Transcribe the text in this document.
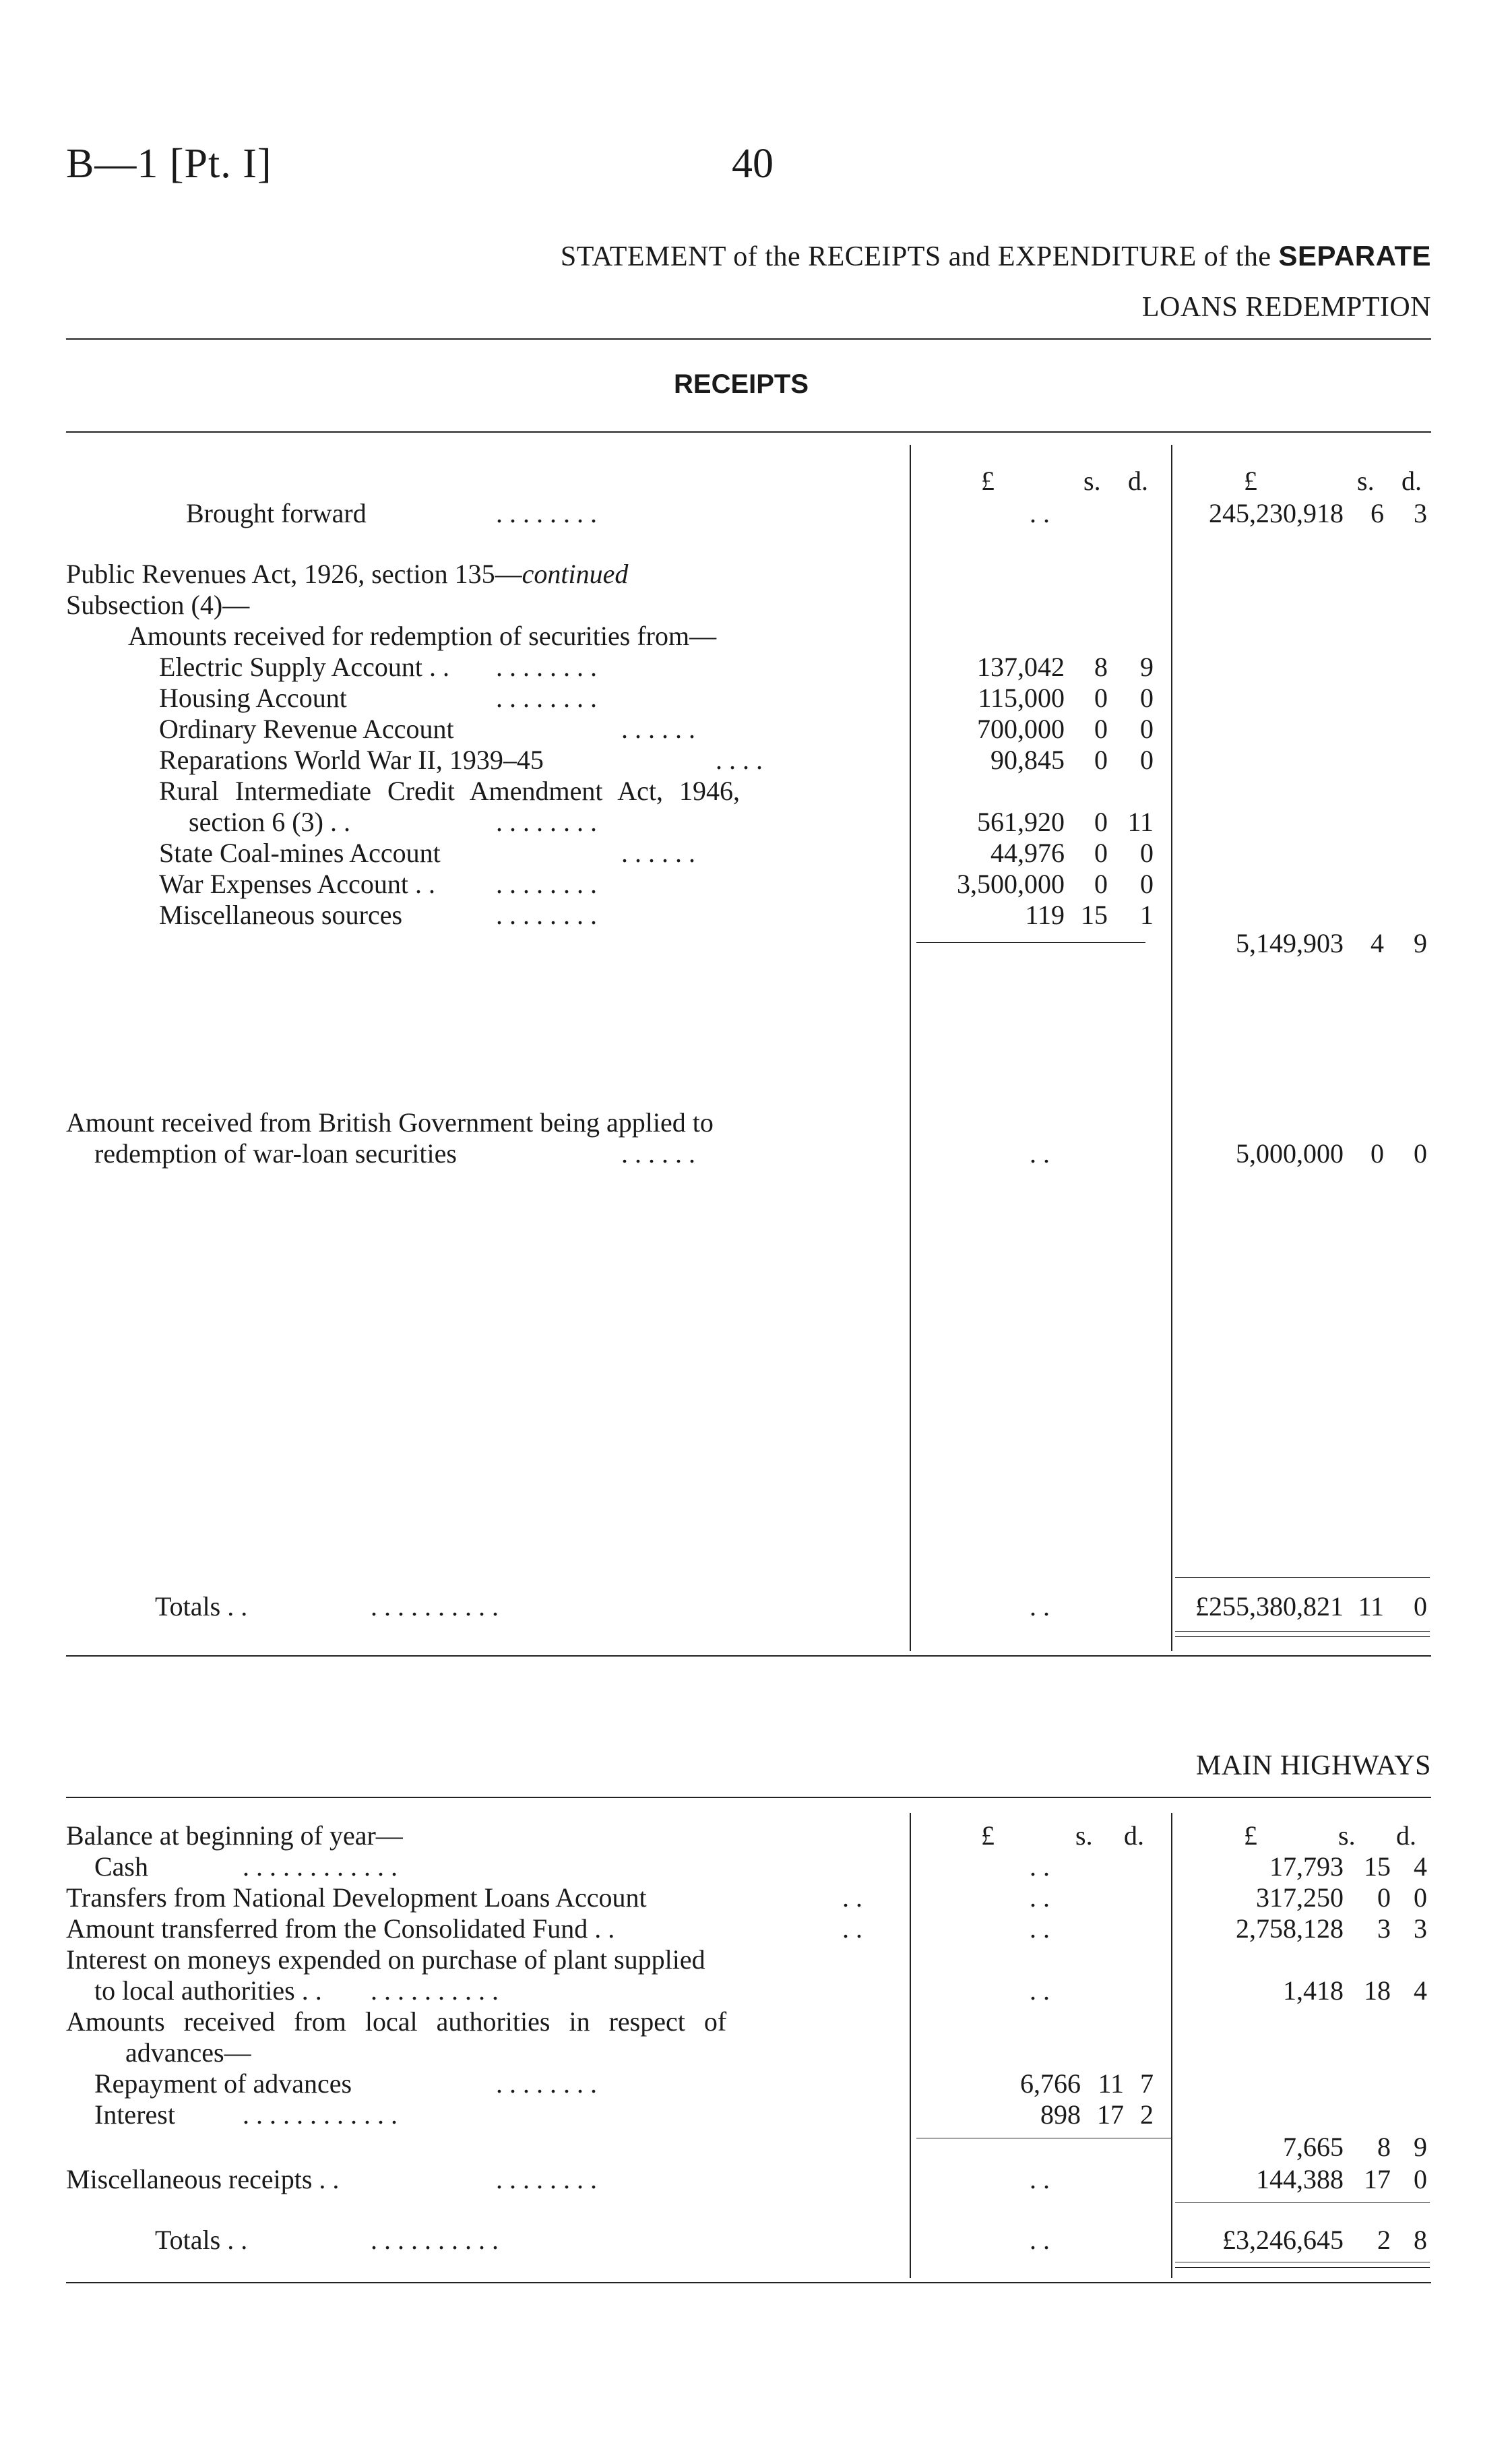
B—1 [Pt. I]	40
STATEMENT of the RECEIPTS and EXPENDITURE of the SEPARATE
LOANS REDEMPTION
RECEIPTS
£	s. d.	£	s. d.
Brought forward	. . . . . . . .	. .	245,230,918 6 3
Public Revenues Act, 1926, section 135—continued
Subsection (4)—
Amounts received for redemption of securities from—
Electric Supply Account . . . . . . . . . .	137,042 8 9
Housing Account	. . . . . . . .	115,000 0 0
Ordinary Revenue Account	. . . . . .	700,000 0 0
Reparations World War II, 1939–45	. . . .	90,845 0 0
Rural Intermediate Credit Amendment Act, 1946,
section 6 (3) . .	. . . . . . . .	561,920 0 11
State Coal-mines Account	. . . . . .	44,976 0 0
War Expenses Account . . . . . . . . . .	3,500,000 0 0
Miscellaneous sources	. . . . . . . .	119 15 1
5,149,903 4 9
Amount received from British Government being applied to
redemption of war-loan securities	. . . . . .	. .	5,000,000 0 0
Totals . .	. . . . . . . . . .	. .	£255,380,821 11 0
MAIN HIGHWAYS
£	s. d.	£	s. d.
Balance at beginning of year—
Cash	. . . . . . . . . . . .	. .	17,793 15 4
Transfers from National Development Loans Account	. .	. .	317,250 0 0
Amount transferred from the Consolidated Fund . .	. .	. .	2,758,128 3 3
Interest on moneys expended on purchase of plant supplied
to local authorities . . . . . . . . . . . .	. .	1,418 18 4
Amounts received from local authorities in respect of
advances—
Repayment of advances	. . . . . . . .	6,766 11 7
Interest	. . . . . . . . . . . .	898 17 2
7,665 8 9
Miscellaneous receipts . .	. . . . . . . .	. .	144,388 17 0
Totals . .	. . . . . . . . . .	. .	£3,246,645 2 8
